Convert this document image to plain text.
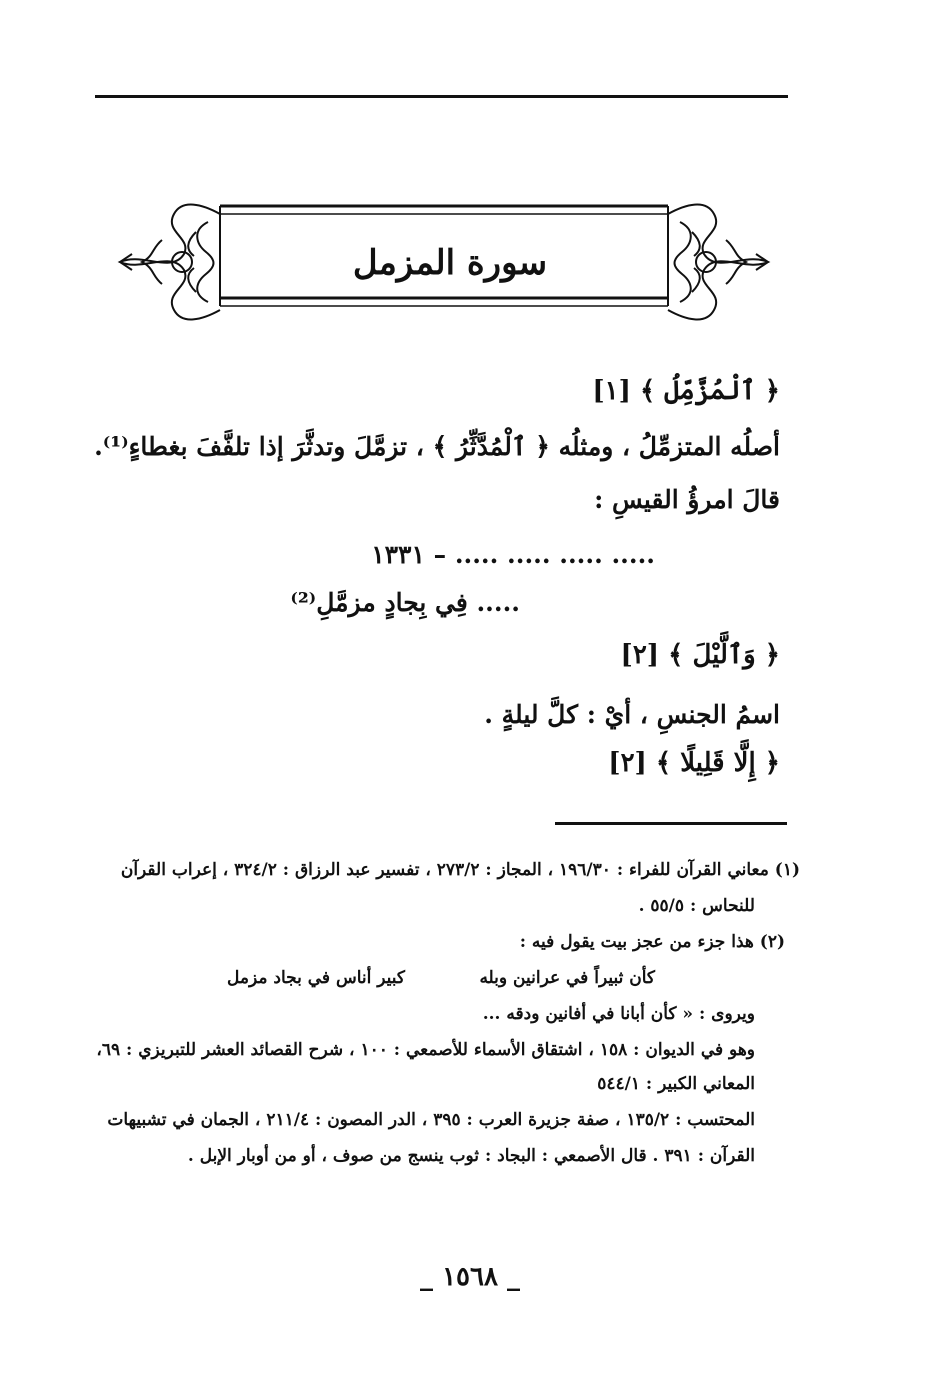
سورة المزمل
﴿ ٱلْمُزَّمِّلُ ﴾ [١]
أصلُه المتزمِّلُ ، ومثلُه ﴿ ٱلْمُدَّثِّرُ ﴾ ، تزمَّلَ وتدثَّرَ إذا تلفَّفَ بغطاءٍ⁽¹⁾.
قالَ امرؤُ القيسِ :
١٣٣١ – ..... ..... ..... .....
..... فِي بِجادٍ مزمَّلِ⁽²⁾
﴿ وَٱلَّيْلَ ﴾ [٢]
اسمُ الجنسِ ، أيْ : كلَّ ليلةٍ .
﴿ إِلَّا قَلِيلًا ﴾ [٢]
(١) معاني القرآن للفراء : ١٩٦/٣٠ ، المجاز : ٢٧٣/٢ ، تفسير عبد الرزاق : ٣٢٤/٢ ، إعراب القرآن
للنحاس : ٥٥/٥ .
(٢) هذا جزء من عجز بيت يقول فيه :
كأن ثبيراً في عرانين وبله
كبير أناس في بجاد مزمل
ويروى : « كأن أبانا في أفانين ودقه ...
وهو في الديوان : ١٥٨ ، اشتقاق الأسماء للأصمعي : ١٠٠ ، شرح القصائد العشر للتبريزي : ٦٩،
المعاني الكبير : ٥٤٤/١
المحتسب : ١٣٥/٢ ، صفة جزيرة العرب : ٣٩٥ ، الدر المصون : ٢١١/٤ ، الجمان في تشبيهات
القرآن : ٣٩١ . قال الأصمعي : البجاد : ثوب ينسج من صوف ، أو من أوبار الإبل .
_ ١٥٦٨ _
